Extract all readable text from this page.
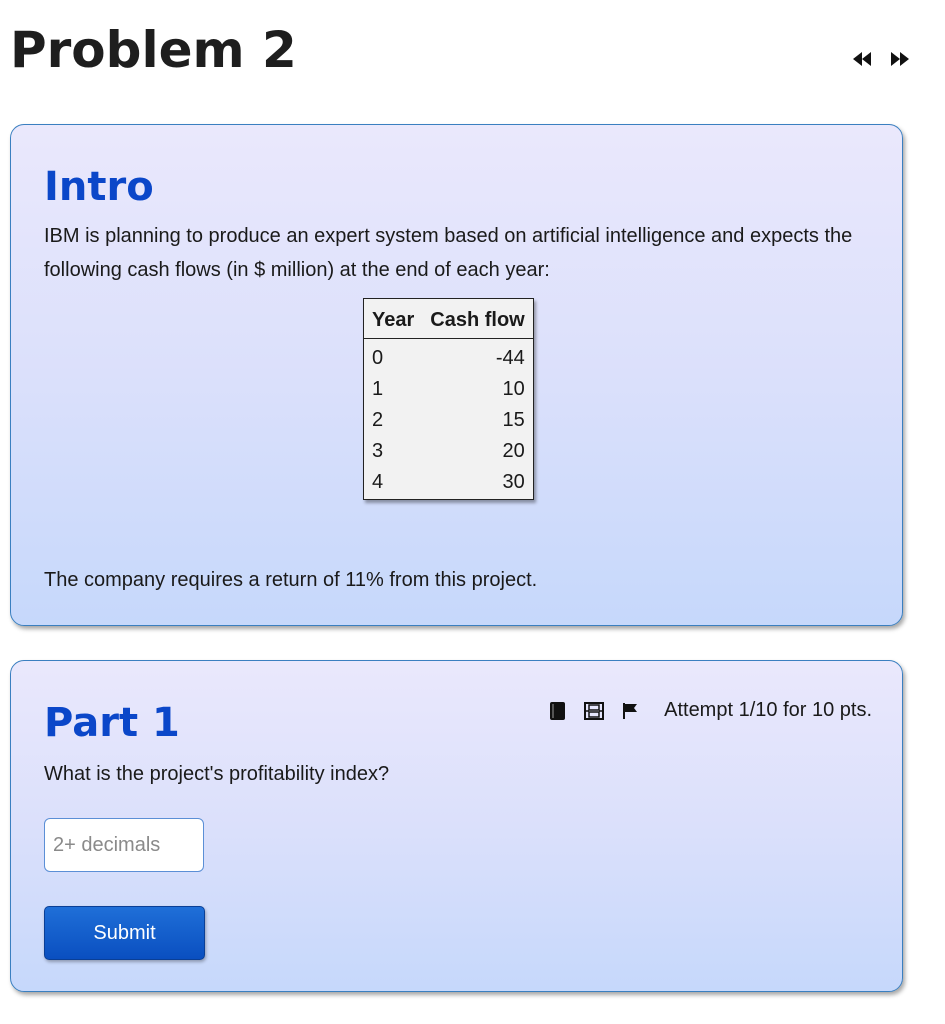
Problem 2
Intro
IBM is planning to produce an expert system based on artificial intelligence and expects the following cash flows (in $ million) at the end of each year:
Year	Cash flow
0	-44
1	10
2	15
3	20
4	30
The company requires a return of 11% from this project.
Part 1	Attempt 1/10 for 10 pts.
What is the project's profitability index?
2+ decimals
Submit
